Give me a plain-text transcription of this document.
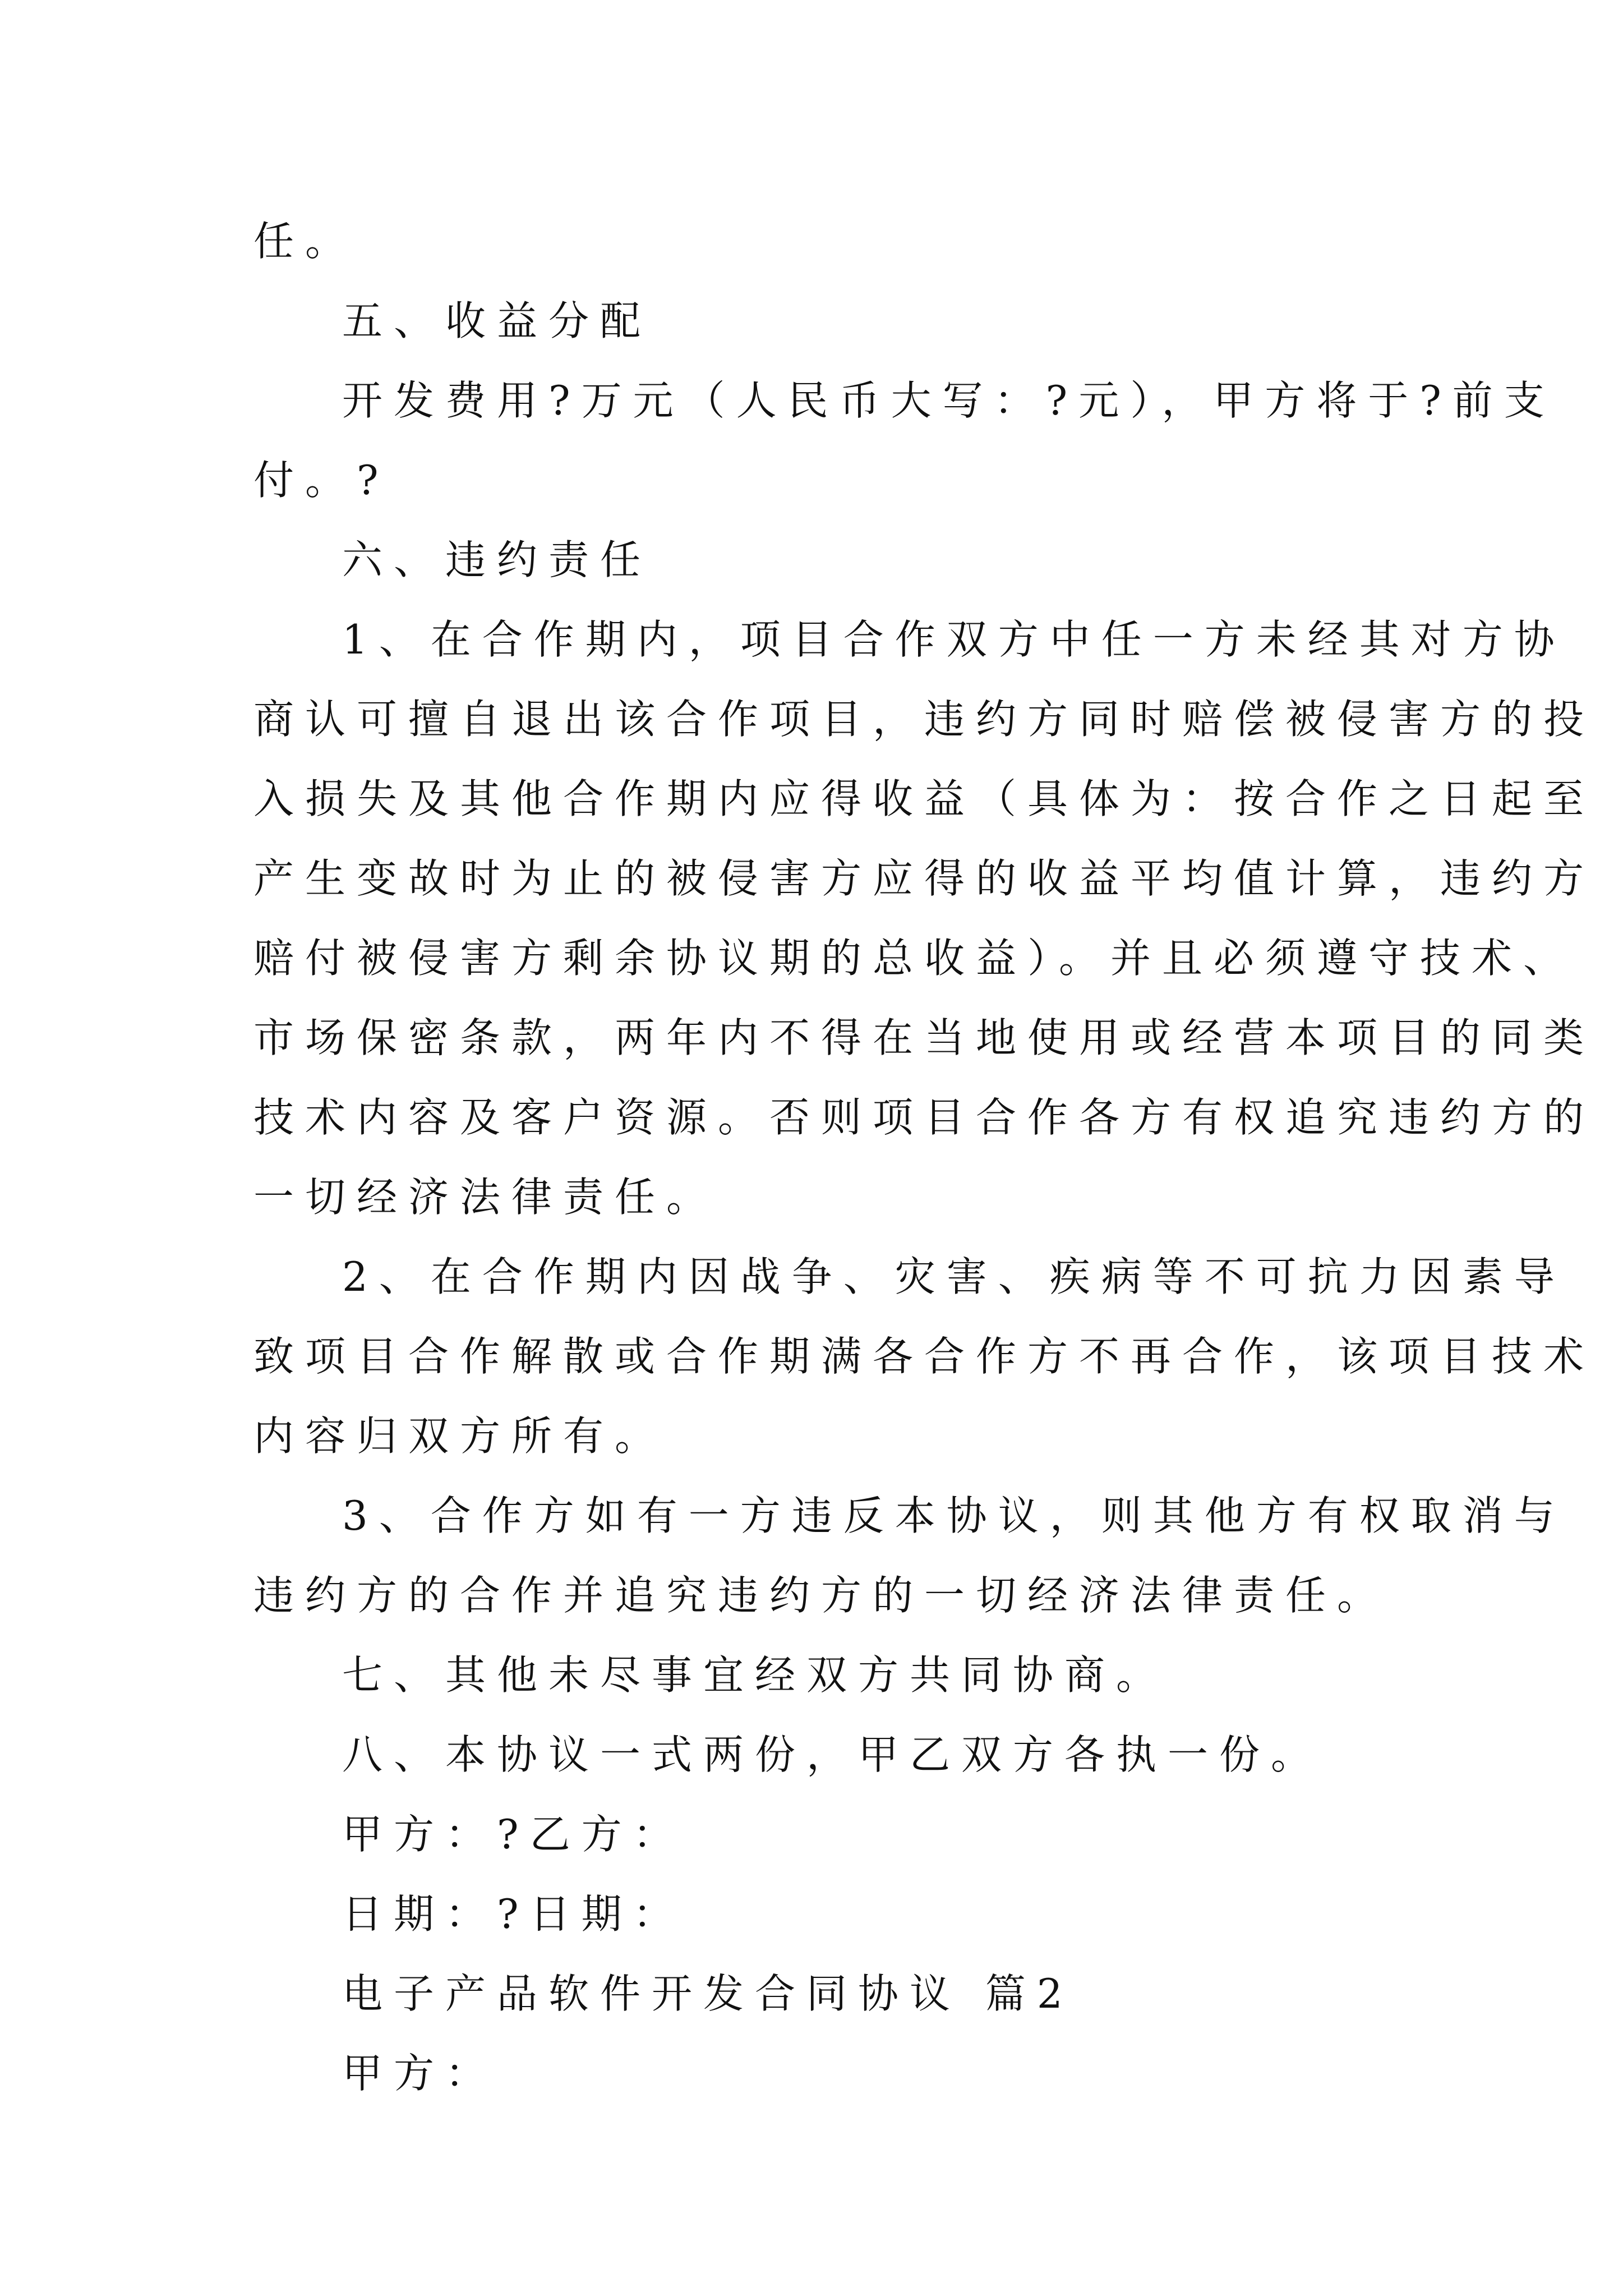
任。
五、收益分配
开发费用?万元（人民币大写：?元），甲方将于?前支
付。?
六、违约责任
1、在合作期内，项目合作双方中任一方未经其对方协
商认可擅自退出该合作项目，违约方同时赔偿被侵害方的投
入损失及其他合作期内应得收益（具体为：按合作之日起至
产生变故时为止的被侵害方应得的收益平均值计算，违约方
赔付被侵害方剩余协议期的总收益）。并且必须遵守技术、
市场保密条款，两年内不得在当地使用或经营本项目的同类
技术内容及客户资源。否则项目合作各方有权追究违约方的
一切经济法律责任。
2、在合作期内因战争、灾害、疾病等不可抗力因素导
致项目合作解散或合作期满各合作方不再合作，该项目技术
内容归双方所有。
3、合作方如有一方违反本协议，则其他方有权取消与
违约方的合作并追究违约方的一切经济法律责任。
七、其他未尽事宜经双方共同协商。
八、本协议一式两份，甲乙双方各执一份。
甲方：?乙方：
日期：?日期：
电子产品软件开发合同协议 篇2
甲方：
